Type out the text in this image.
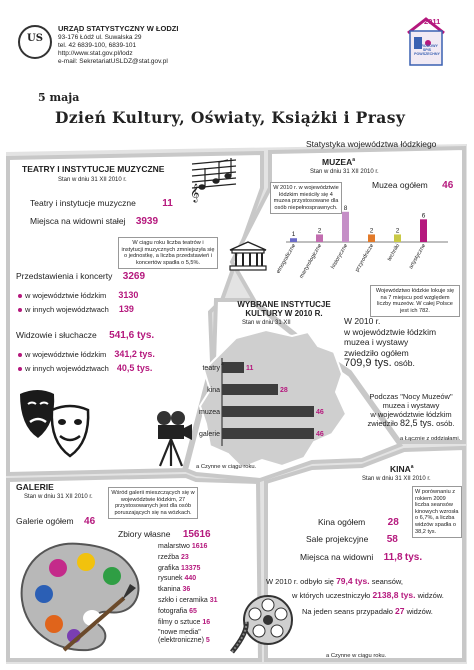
US
URZĄD STATYSTYCZNY W ŁODZI
93-176 Łódź ul. Suwalska 29
tel. 42 6839-100, 6839-101
http://www.stat.gov.pl/lodz
e-mail: SekretariatUSLDZ@stat.gov.pl
2011
NARODOWY SPIS POWSZECHNY
5 maja
Dzień Kultury, Oświaty, Książki i Prasy
Statystyka województwa łódzkiego
TEATRY I INSTYTUCJE MUZYCZNE
Stan w dniu 31 XII 2010 r.
Teatry i instytucje muzyczne	11
Miejsca na widowni stałej 3939
W ciągu roku liczba teatrów i instytucji muzycznych zmniejszyła się o jednostkę, a liczba przedstawień i koncertów spadła o 5,5%.
Przedstawienia i koncerty 3269
w województwie łódzkim 3130
w innych województwach 139
Widzowie i słuchacze 541,6 tys.
w województwie łódzkim 341,2 tys.
w innych województwach 40,5 tys.
𝄞
MUZEA$^a$
Stan w dniu 31 XII 2010 r.
Muzea ogółem 46
W 2010 r. w województwie łódzkim mieściły się 4 muzea przystosowane dla osób niepełnosprawnych.
1
etnograficzne
2
martyrologiczne
8
historyczne
2
przyrodnicze
2
techniki
6
artystyczne
Województwo łódzkie lokuje się na 7 miejscu pod względem liczby muzeów. W całej Polsce jest ich 782.
W 2010 r.
w województwie łódzkim
muzea i wystawy
zwiedziło ogółem
709,9 tys. osób.
Podczas "Nocy Muzeów"
muzea i wystawy
w województwie łódzkim
zwiedziło 82,5 tys. osób.
a Łącznie z oddziałami.
WYBRANE INSTYTUCJE KULTURY W 2010 R.
Stan w dniu 31 XII
teatry
a
11
kina	28
muzea	46
galerie	46
a Czynne w ciągu roku.	KINA$^a$
Stan w dniu 31 XII 2010 r.
W porównaniu z rokiem 2009 liczba seansów kinowych wzrosła o 6,7%, a liczba widzów spadła o 38,2 tys.
Kina ogółem 28
Sale projekcyjne 58
Miejsca na widowni 11,8 tys.
W 2010 r. odbyło się 79,4 tys. seansów,
w których uczestniczyło 2138,8 tys. widzów.
Na jeden seans przypadało 27 widzów.
a Czynne w ciągu roku.
GALERIE
Stan w dniu 31 XII 2010 r.
Wśród galerii mieszczących się w województwie łódzkim, 27 przystosowanych jest dla osób poruszających się na wózkach.
Galerie ogółem 46
Zbiory własne 15616
malarstwo 1616
rzeźba 23
grafika 13375
rysunek 440
tkanina 36
szkło i ceramika 31
fotografia 65
filmy o sztuce 16
"nowe media" (elektroniczne) 5
